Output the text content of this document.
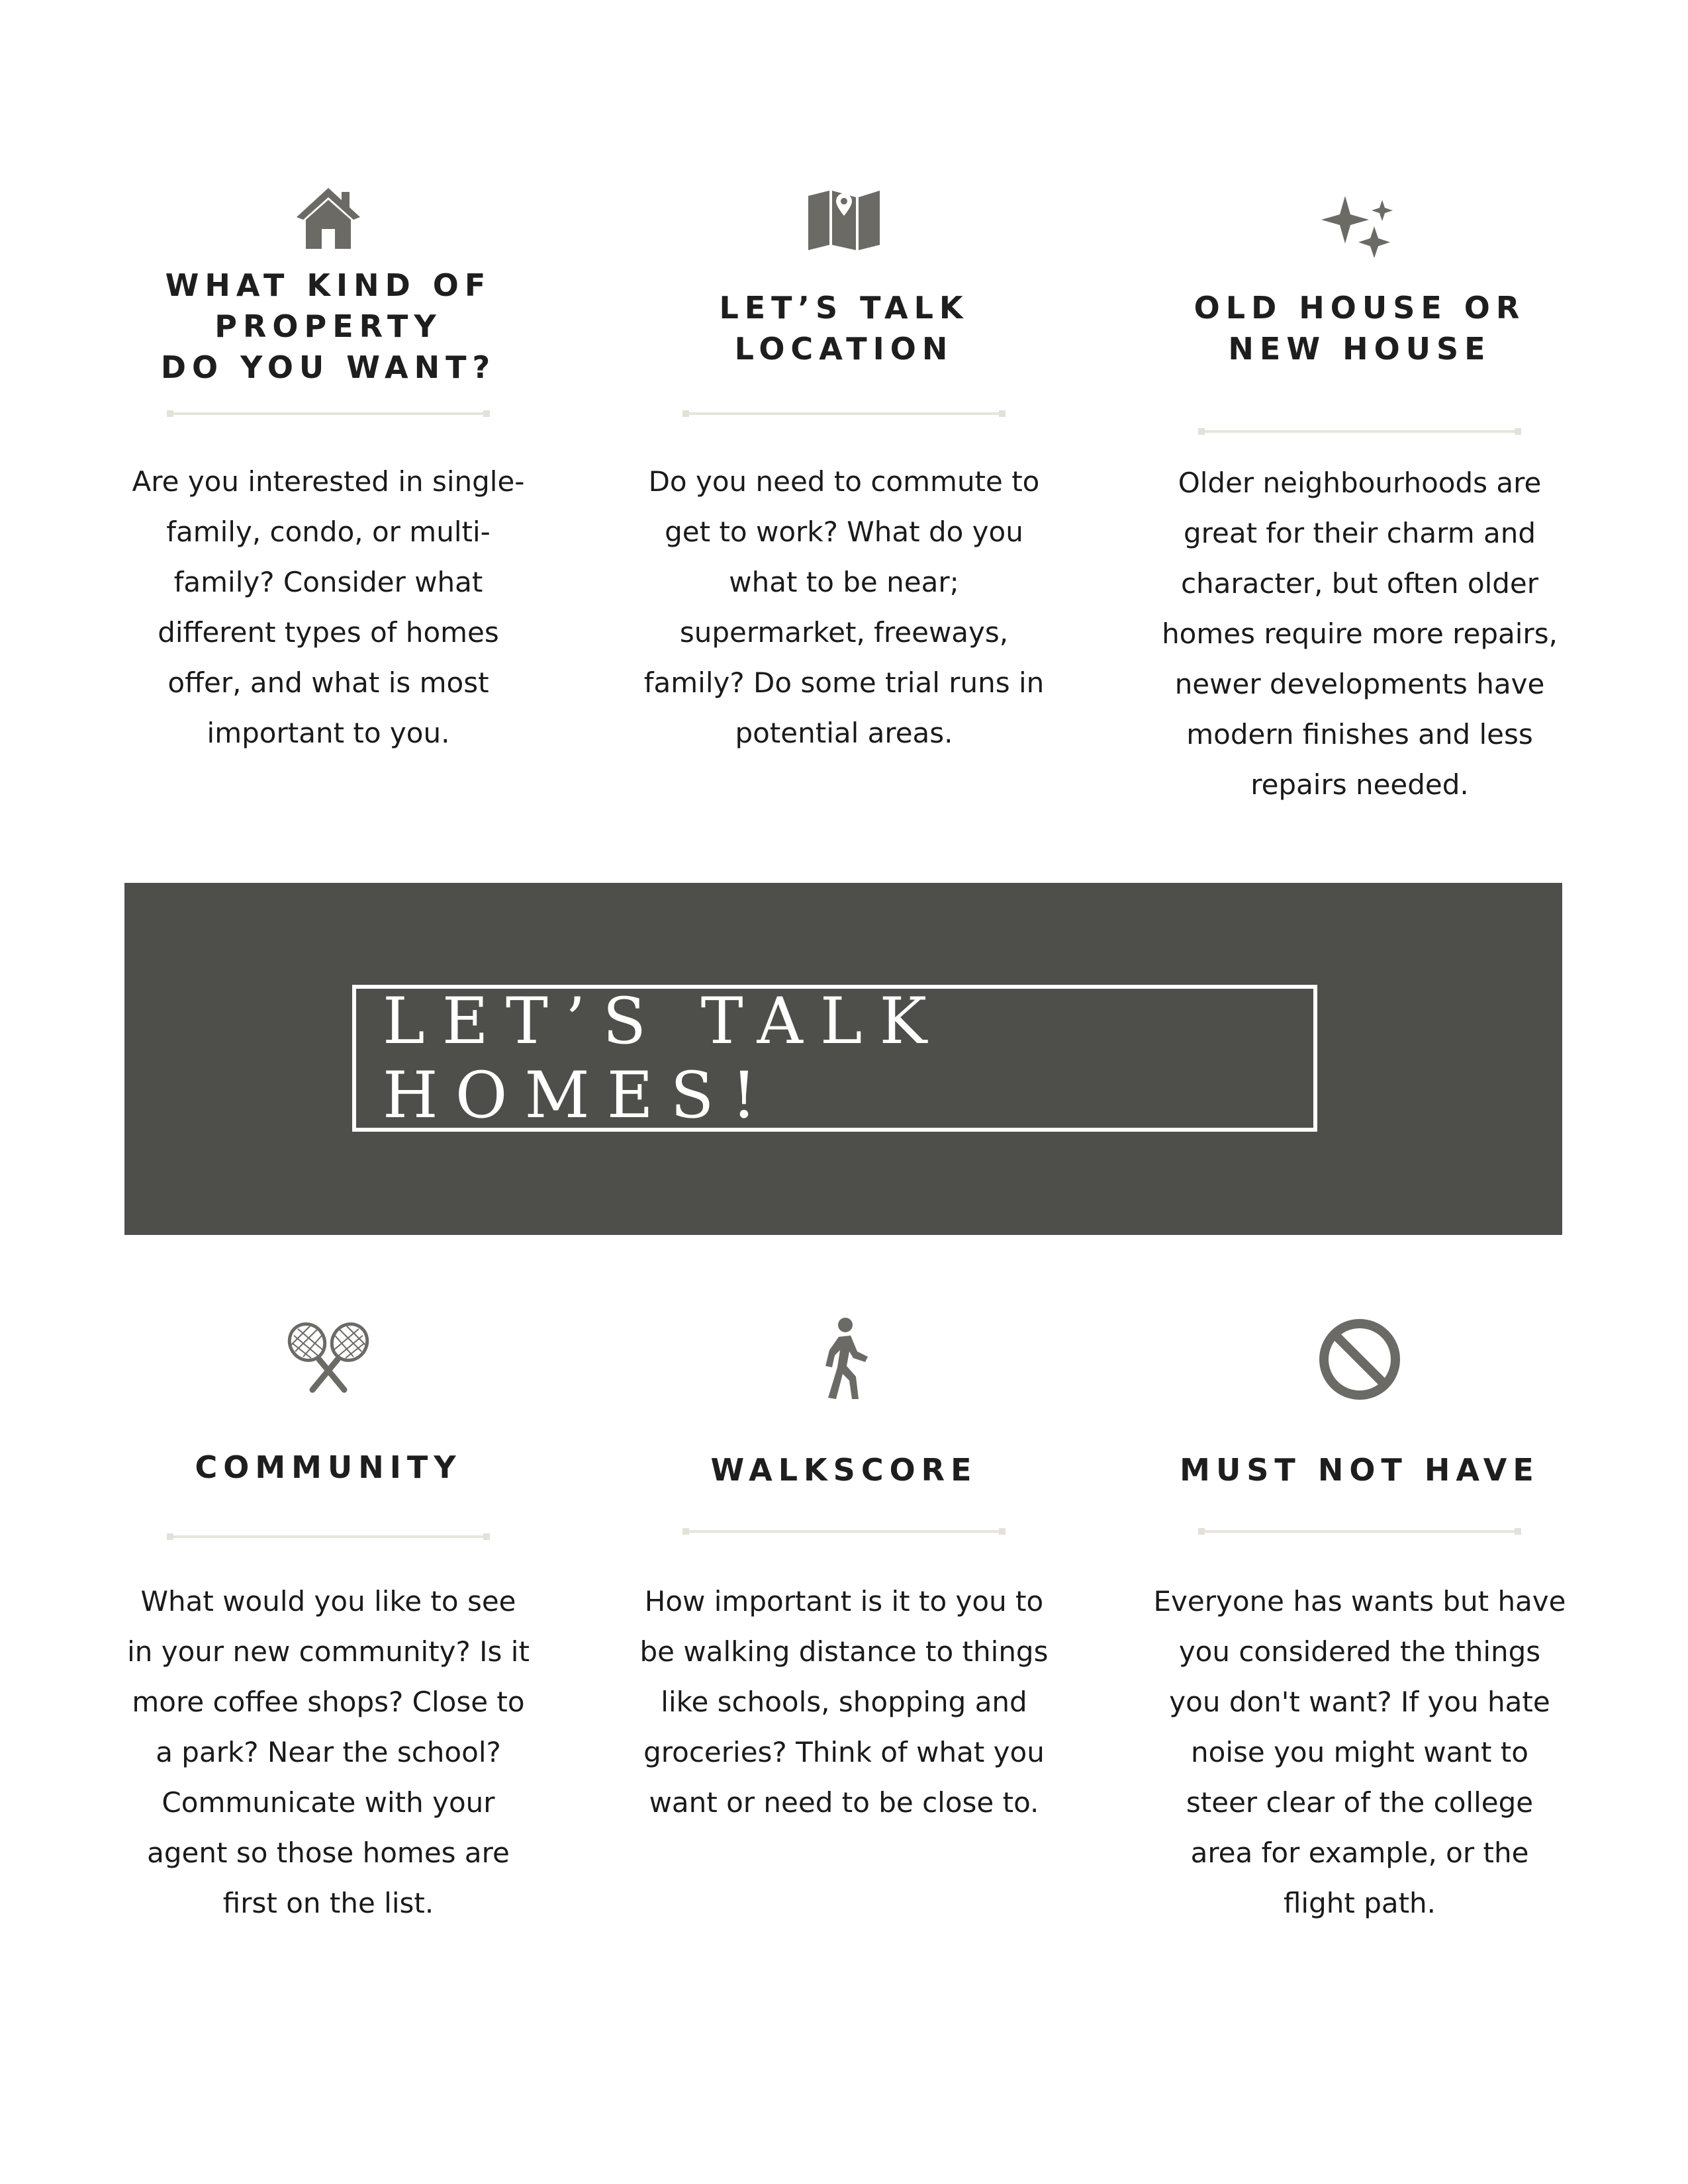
WHAT KIND OF
PROPERTY
DO YOU WANT?
Are you interested in single-
family, condo, or multi-
family? Consider what
different types of homes
offer, and what is most
important to you.
LET’S TALK
LOCATION
Do you need to commute to
get to work? What do you
what to be near;
supermarket, freeways,
family? Do some trial runs in
potential areas.
OLD HOUSE OR
NEW HOUSE
Older neighbourhoods are
great for their charm and
character, but often older
homes require more repairs,
newer developments have
modern finishes and less
repairs needed.
LET’S TALK HOMES!
COMMUNITY
What would you like to see
in your new community? Is it
more coffee shops? Close to
a park? Near the school?
Communicate with your
agent so those homes are
first on the list.
WALKSCORE
How important is it to you to
be walking distance to things
like schools, shopping and
groceries? Think of what you
want or need to be close to.
MUST NOT HAVE
Everyone has wants but have
you considered the things
you don't want? If you hate
noise you might want to
steer clear of the college
area for example, or the
flight path.
